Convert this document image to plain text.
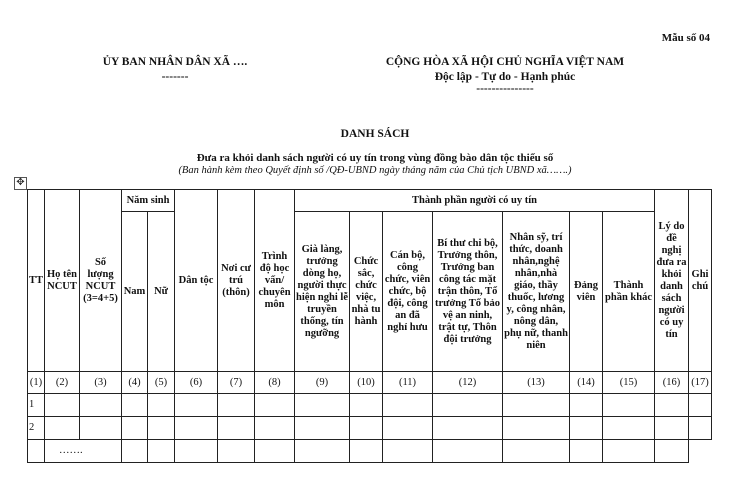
Mẫu số 04
ỦY BAN NHÂN DÂN XÃ ….
-------
CỘNG HÒA XÃ HỘI CHỦ NGHĨA VIỆT NAM
Độc lập - Tự do - Hạnh phúc
---------------
DANH SÁCH
Đưa ra khỏi danh sách người có uy tín trong vùng đồng bào dân tộc thiểu số
(Ban hành kèm theo Quyết định số /QĐ-UBND ngày tháng năm của Chủ tịch UBND xã…….)
✥
TT	Họ tên NCUT	Số lượng NCUT (3=4+5)	Năm sinh		Dân tộc	Nơi cư trú (thôn)	Trình độ học vấn/ chuyên môn	Thành phần người có uy tín							Lý do đề nghị đưa ra khỏi danh sách người có uy tín	Ghi chú
			Nam	Nữ				Già làng, trưởng dòng họ, người thực hiện nghi lễ truyền thống, tín ngưỡng	Chức sắc, chức việc, nhà tu hành	Cán bộ, công chức, viên chức, bộ đội, công an đã nghỉ hưu	Bí thư chi bộ, Trưởng thôn, Trưởng ban công tác mặt trận thôn, Tổ trưởng Tổ bảo vệ an ninh, trật tự, Thôn đội trưởng	Nhân sỹ, trí thức, doanh nhân,nghệ nhân,nhà giáo, thầy thuốc, lương y, công nhân, nông dân, phụ nữ, thanh niên	Đảng viên	Thành phần khác		

(1)	(2)	(3)	(4)	(5)	(6)	(7)	(8)	(9)	(10)	(11)	(12)	(13)	(14)	(15)	(16)	(17)
1																
2																
	…….															
